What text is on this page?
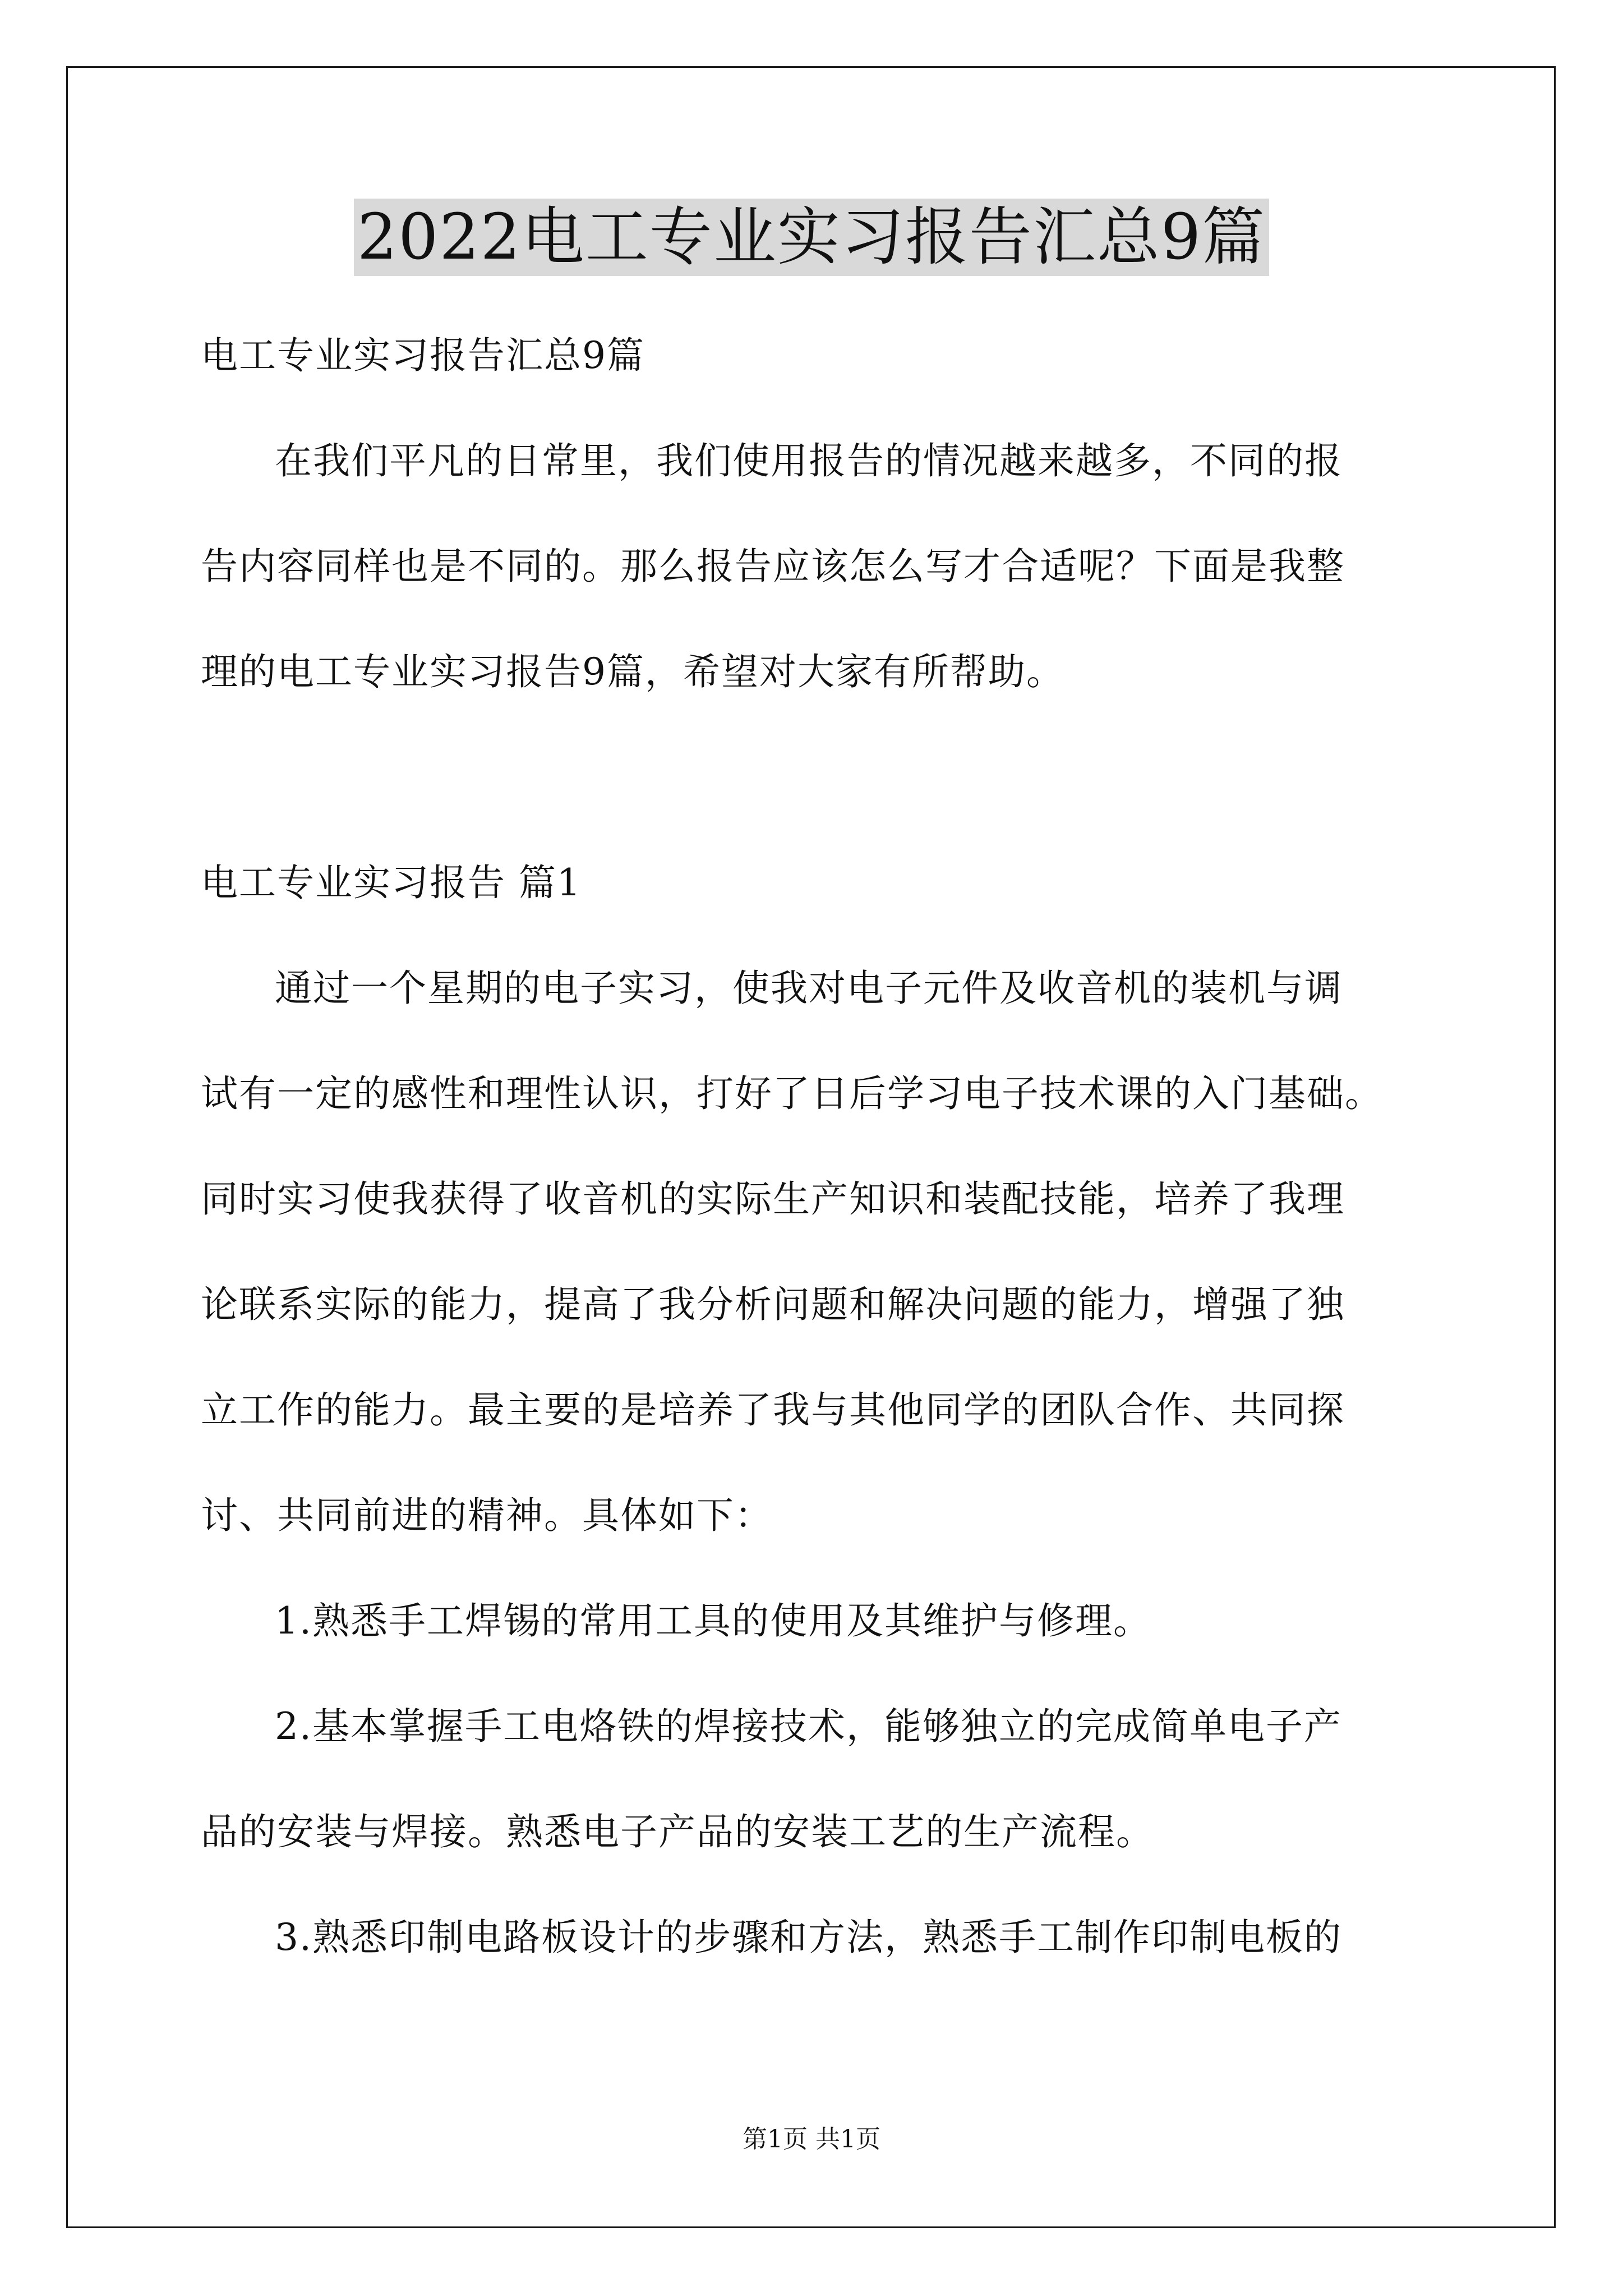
2022电工专业实习报告汇总9篇
电工专业实习报告汇总9篇
在我们平凡的日常里，我们使用报告的情况越来越多，不同的报
告内容同样也是不同的。那么报告应该怎么写才合适呢？下面是我整
理的电工专业实习报告9篇，希望对大家有所帮助。
电工专业实习报告 篇1
通过一个星期的电子实习，使我对电子元件及收音机的装机与调
试有一定的感性和理性认识，打好了日后学习电子技术课的入门基础。
同时实习使我获得了收音机的实际生产知识和装配技能，培养了我理
论联系实际的能力，提高了我分析问题和解决问题的能力，增强了独
立工作的能力。最主要的是培养了我与其他同学的团队合作、共同探
讨、共同前进的精神。具体如下：
1.熟悉手工焊锡的常用工具的使用及其维护与修理。
2.基本掌握手工电烙铁的焊接技术，能够独立的完成简单电子产
品的安装与焊接。熟悉电子产品的安装工艺的生产流程。
3.熟悉印制电路板设计的步骤和方法，熟悉手工制作印制电板的
第1页 共1页
